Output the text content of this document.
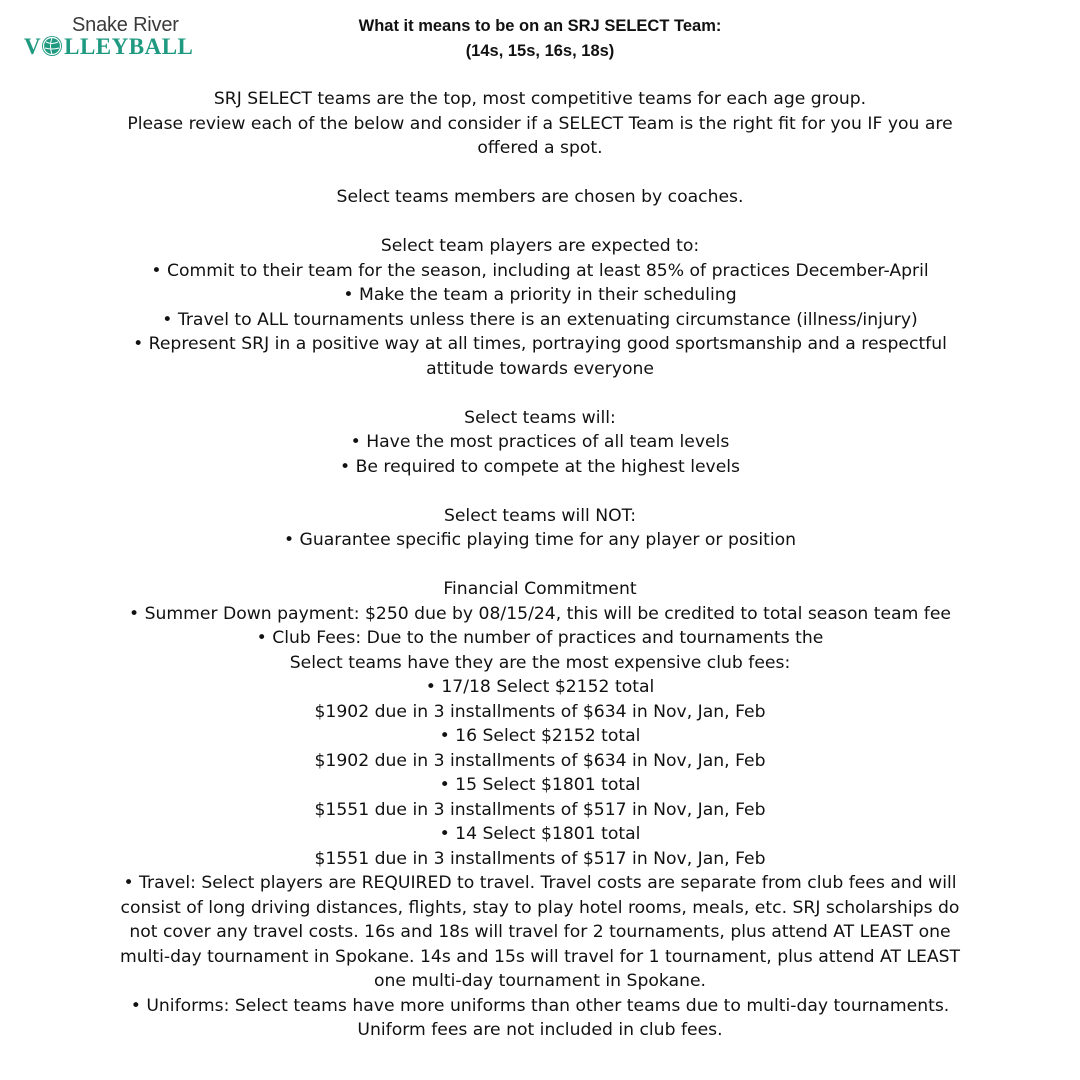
Snake River
V LLEYBALL
What it means to be on an SRJ SELECT Team:
(14s, 15s, 16s, 18s)
SRJ SELECT teams are the top, most competitive teams for each age group.
Please review each of the below and consider if a SELECT Team is the right fit for you IF you are
offered a spot.
Select teams members are chosen by coaches.
Select team players are expected to:
• Commit to their team for the season, including at least 85% of practices December-April
• Make the team a priority in their scheduling
• Travel to ALL tournaments unless there is an extenuating circumstance (illness/injury)
• Represent SRJ in a positive way at all times, portraying good sportsmanship and a respectful
attitude towards everyone
Select teams will:
• Have the most practices of all team levels
• Be required to compete at the highest levels
Select teams will NOT:
• Guarantee specific playing time for any player or position
Financial Commitment
• Summer Down payment: $250 due by 08/15/24, this will be credited to total season team fee
• Club Fees: Due to the number of practices and tournaments the
Select teams have they are the most expensive club fees:
• 17/18 Select $2152 total
$1902 due in 3 installments of $634 in Nov, Jan, Feb
• 16 Select $2152 total
$1902 due in 3 installments of $634 in Nov, Jan, Feb
• 15 Select $1801 total
$1551 due in 3 installments of $517 in Nov, Jan, Feb
• 14 Select $1801 total
$1551 due in 3 installments of $517 in Nov, Jan, Feb
• Travel: Select players are REQUIRED to travel. Travel costs are separate from club fees and will
consist of long driving distances, flights, stay to play hotel rooms, meals, etc. SRJ scholarships do
not cover any travel costs. 16s and 18s will travel for 2 tournaments, plus attend AT LEAST one
multi-day tournament in Spokane. 14s and 15s will travel for 1 tournament, plus attend AT LEAST
one multi-day tournament in Spokane.
• Uniforms: Select teams have more uniforms than other teams due to multi-day tournaments.
Uniform fees are not included in club fees.
